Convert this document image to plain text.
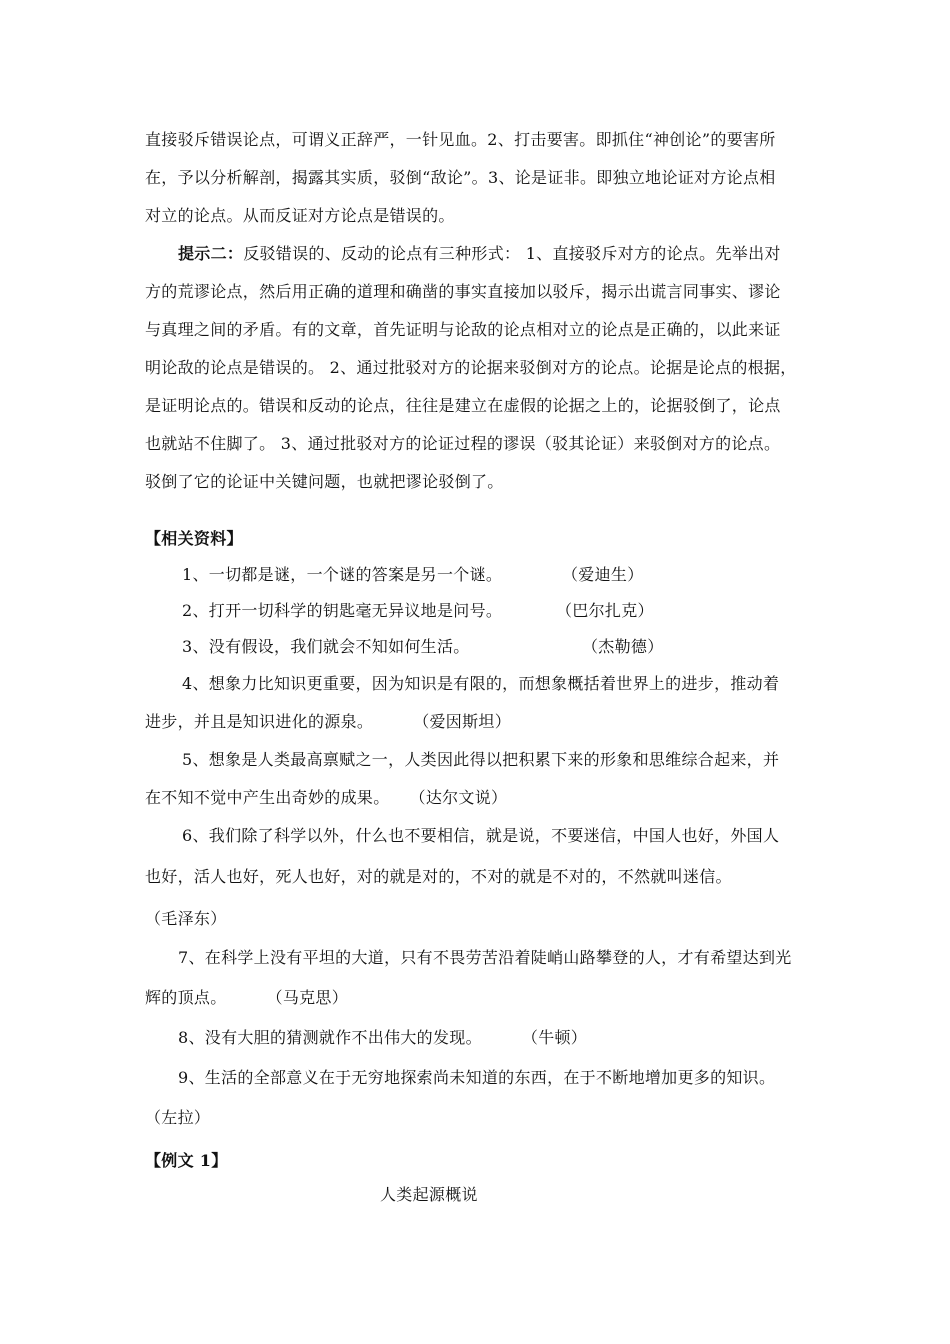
直接驳斥错误论点，可谓义正辞严，一针见血。2、打击要害。即抓住“神创论”的要害所
在，予以分析解剖，揭露其实质，驳倒“敌论”。3、论是证非。即独立地论证对方论点相
对立的论点。从而反证对方论点是错误的。
提示二：反驳错误的、反动的论点有三种形式： 1、直接驳斥对方的论点。先举出对
方的荒谬论点，然后用正确的道理和确凿的事实直接加以驳斥，揭示出谎言同事实、谬论
与真理之间的矛盾。有的文章，首先证明与论敌的论点相对立的论点是正确的，以此来证
明论敌的论点是错误的。 2、通过批驳对方的论据来驳倒对方的论点。论据是论点的根据，
是证明论点的。错误和反动的论点，往往是建立在虚假的论据之上的，论据驳倒了，论点
也就站不住脚了。 3、通过批驳对方的论证过程的谬误（驳其论证）来驳倒对方的论点。
驳倒了它的论证中关键问题，也就把谬论驳倒了。
【相关资料】
1、一切都是谜，一个谜的答案是另一个谜。	（爱迪生）
2、打开一切科学的钥匙毫无异议地是问号。	（巴尔扎克）
3、没有假设，我们就会不知如何生活。	（杰勒德）
4、想象力比知识更重要，因为知识是有限的，而想象概括着世界上的进步，推动着
进步，并且是知识进化的源泉。	（爱因斯坦）
5、想象是人类最高禀赋之一，人类因此得以把积累下来的形象和思维综合起来，并
在不知不觉中产生出奇妙的成果。 （达尔文说）
6、我们除了科学以外，什么也不要相信，就是说，不要迷信，中国人也好，外国人
也好，活人也好，死人也好，对的就是对的，不对的就是不对的，不然就叫迷信。
（毛泽东）
7、在科学上没有平坦的大道，只有不畏劳苦沿着陡峭山路攀登的人，才有希望达到光
辉的顶点。	（马克思）
8、没有大胆的猜测就作不出伟大的发现。	（牛顿）
9、生活的全部意义在于无穷地探索尚未知道的东西，在于不断地增加更多的知识。
（左拉）
【例文 1】
人类起源概说
